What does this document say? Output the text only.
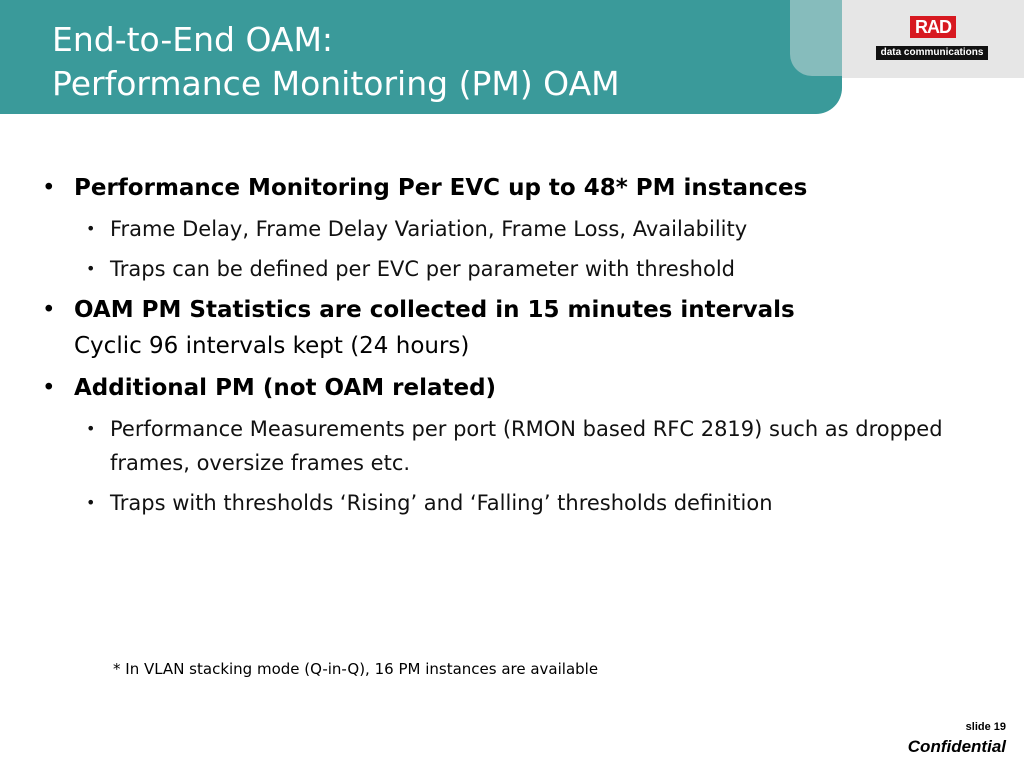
End-to-End OAM:
Performance Monitoring (PM) OAM
RAD
data communications
• Performance Monitoring Per EVC up to 48* PM instances
• Frame Delay, Frame Delay Variation, Frame Loss, Availability
• Traps can be defined per EVC per parameter with threshold
• OAM PM Statistics are collected in 15 minutes intervals
Cyclic 96 intervals kept (24 hours)
• Additional PM (not OAM related)
• Performance Measurements per port (RMON based RFC 2819) such as dropped frames, oversize frames etc.
• Traps with thresholds ‘Rising’ and ‘Falling’ thresholds definition
* In VLAN stacking mode (Q-in-Q), 16 PM instances are available
slide 19
Confidential
